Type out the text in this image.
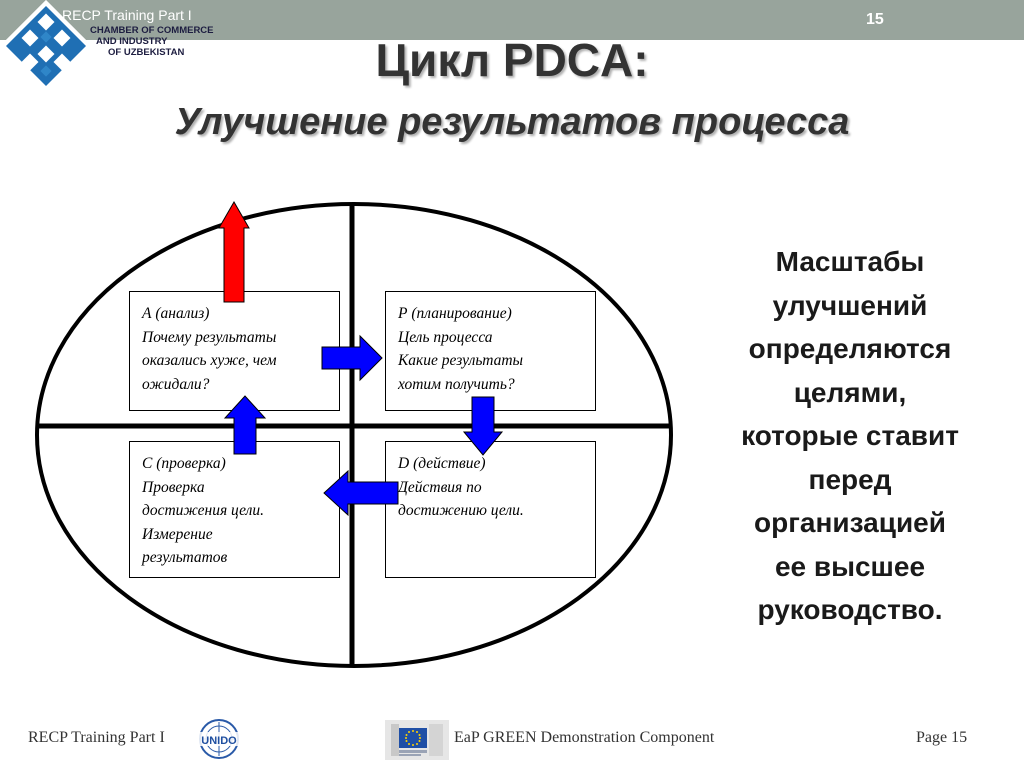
RECP Training Part I	15
CHAMBER OF COMMERCE
AND INDUSTRY
OF UZBEKISTAN	Цикл PDCA:
Улучшение результатов процесса
А (анализ)
Почему результаты
оказались хуже, чем
ожидали?
Р (планирование)
Цель процесса
Какие результаты
хотим получить?
С (проверка)
Проверка
достижения цели.
Измерение
результатов
D (действие)
Действия по
достижению цели.
Масштабы
улучшений
определяются
целями,
которые ставит
перед
организацией
ее высшее
руководство.
RECP Training Part I	UNIDO	EaP GREEN Demonstration Component	Page 15
